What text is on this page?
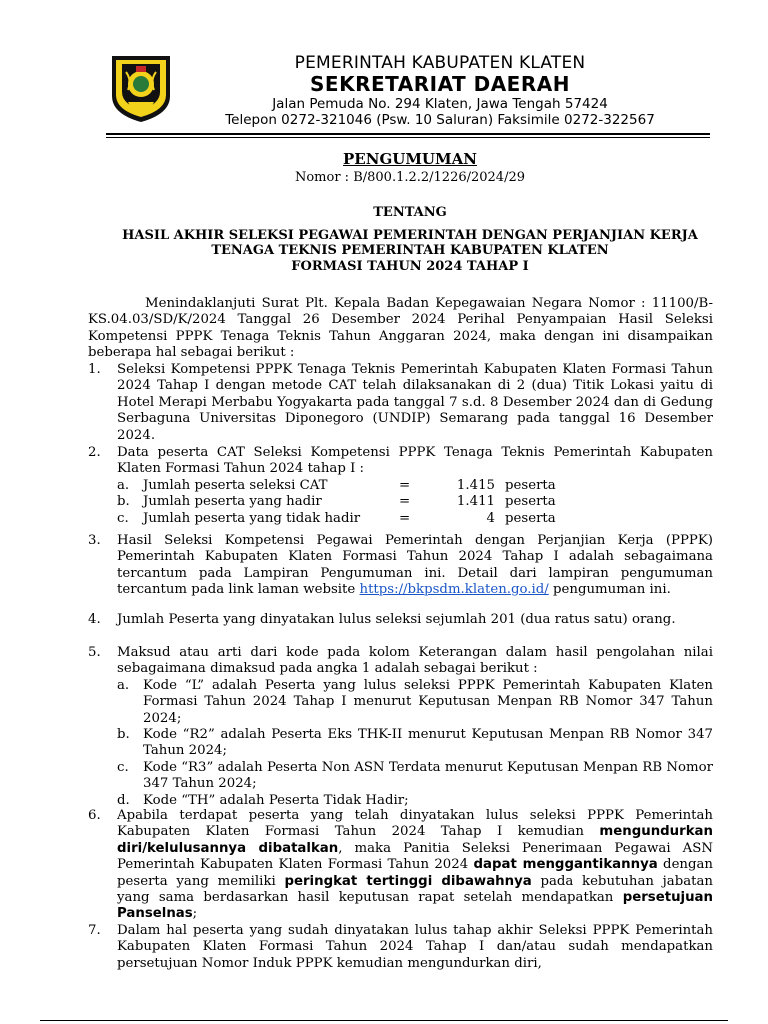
PEMERINTAH KABUPATEN KLATEN
SEKRETARIAT DAERAH
Jalan Pemuda No. 294 Klaten, Jawa Tengah 57424
Telepon 0272-321046 (Psw. 10 Saluran) Faksimile 0272-322567
PENGUMUMAN
Nomor : B/800.1.2.2/1226/2024/29
TENTANG
HASIL AKHIR SELEKSI PEGAWAI PEMERINTAH DENGAN PERJANJIAN KERJA
TENAGA TEKNIS PEMERINTAH KABUPATEN KLATEN
FORMASI TAHUN 2024 TAHAP I
Menindaklanjuti Surat Plt. Kepala Badan Kepegawaian Negara Nomor : 11100/B-KS.04.03/SD/K/2024 Tanggal 26 Desember 2024 Perihal Penyampaian Hasil Seleksi Kompetensi PPPK Tenaga Teknis Tahun Anggaran 2024, maka dengan ini disampaikan beberapa hal sebagai berikut :
1.	Seleksi Kompetensi PPPK Tenaga Teknis Pemerintah Kabupaten Klaten Formasi Tahun 2024 Tahap I dengan metode CAT telah dilaksanakan di 2 (dua) Titik Lokasi yaitu di Hotel Merapi Merbabu Yogyakarta pada tanggal 7 s.d. 8 Desember 2024 dan di Gedung Serbaguna Universitas Diponegoro (UNDIP) Semarang pada tanggal 16 Desember 2024.
2.	Data peserta CAT Seleksi Kompetensi PPPK Tenaga Teknis Pemerintah Kabupaten Klaten Formasi Tahun 2024 tahap I :
a.	Jumlah peserta seleksi CAT	=	1.415 peserta
b. Jumlah peserta yang hadir	=	1.411 peserta
c.	Jumlah peserta yang tidak hadir	=	4 peserta
3.	Hasil Seleksi Kompetensi Pegawai Pemerintah dengan Perjanjian Kerja (PPPK) Pemerintah Kabupaten Klaten Formasi Tahun 2024 Tahap I adalah sebagaimana tercantum pada Lampiran Pengumuman ini. Detail dari lampiran pengumuman tercantum pada link laman website https://bkpsdm.klaten.go.id/ pengumuman ini.
4.	Jumlah Peserta yang dinyatakan lulus seleksi sejumlah 201 (dua ratus satu) orang.
5.	Maksud atau arti dari kode pada kolom Keterangan dalam hasil pengolahan nilai sebagaimana dimaksud pada angka 1 adalah sebagai berikut :
a.	Kode “L” adalah Peserta yang lulus seleksi PPPK Pemerintah Kabupaten Klaten Formasi Tahun 2024 Tahap I menurut Keputusan Menpan RB Nomor 347 Tahun 2024;
b. Kode “R2” adalah Peserta Eks THK-II menurut Keputusan Menpan RB Nomor 347 Tahun 2024;
c.	Kode “R3” adalah Peserta Non ASN Terdata menurut Keputusan Menpan RB Nomor 347 Tahun 2024;
d. Kode “TH” adalah Peserta Tidak Hadir;
6.	Apabila terdapat peserta yang telah dinyatakan lulus seleksi PPPK Pemerintah Kabupaten Klaten Formasi Tahun 2024 Tahap I kemudian mengundurkan diri/kelulusannya dibatalkan, maka Panitia Seleksi Penerimaan Pegawai ASN Pemerintah Kabupaten Klaten Formasi Tahun 2024 dapat menggantikannya dengan peserta yang memiliki peringkat tertinggi dibawahnya pada kebutuhan jabatan yang sama berdasarkan hasil keputusan rapat setelah mendapatkan persetujuan Panselnas;
7.	Dalam hal peserta yang sudah dinyatakan lulus tahap akhir Seleksi PPPK Pemerintah Kabupaten Klaten Formasi Tahun 2024 Tahap I dan/atau sudah mendapatkan persetujuan Nomor Induk PPPK kemudian mengundurkan diri,
